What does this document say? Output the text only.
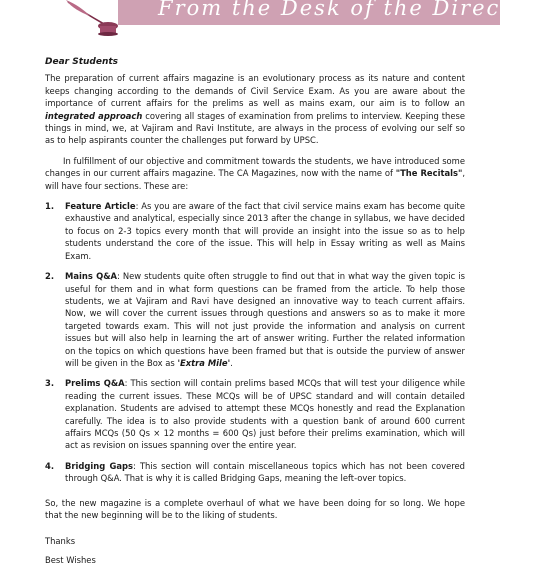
From the Desk of the Director
Dear Students

The preparation of current affairs magazine is an evolutionary process as its nature and content keeps changing according to the demands of Civil Service Exam. As you are aware about the importance of current affairs for the prelims as well as mains exam, our aim is to follow an integrated approach covering all stages of examination from prelims to interview. Keeping these things in mind, we, at Vajiram and Ravi Institute, are always in the process of evolving our self so as to help aspirants counter the challenges put forward by UPSC.

In fulfillment of our objective and commitment towards the students, we have introduced some changes in our current affairs magazine. The CA Magazines, now with the name of "The Recitals", will have four sections. These are:

1. Feature Article: As you are aware of the fact that civil service mains exam has become quite exhaustive and analytical, especially since 2013 after the change in syllabus, we have decided to focus on 2-3 topics every month that will provide an insight into the issue so as to help students understand the core of the issue. This will help in Essay writing as well as Mains Exam.
2. Mains Q&A: New students quite often struggle to find out that in what way the given topic is useful for them and in what form questions can be framed from the article. To help those students, we at Vajiram and Ravi have designed an innovative way to teach current affairs. Now, we will cover the current issues through questions and answers so as to make it more targeted towards exam. This will not just provide the information and analysis on current issues but will also help in learning the art of answer writing. Further the related information on the topics on which questions have been framed but that is outside the purview of answer will be given in the Box as 'Extra Mile'.
3. Prelims Q&A: This section will contain prelims based MCQs that will test your diligence while reading the current issues. These MCQs will be of UPSC standard and will contain detailed explanation. Students are advised to attempt these MCQs honestly and read the Explanation carefully. The idea is to also provide students with a question bank of around 600 current affairs MCQs (50 Qs × 12 months = 600 Qs) just before their prelims examination, which will act as revision on issues spanning over the entire year.
4. Bridging Gaps: This section will contain miscellaneous topics which has not been covered through Q&A. That is why it is called Bridging Gaps, meaning the left-over topics.

So, the new magazine is a complete overhaul of what we have been doing for so long. We hope that the new beginning will be to the liking of students.

Thanks
Best Wishes
